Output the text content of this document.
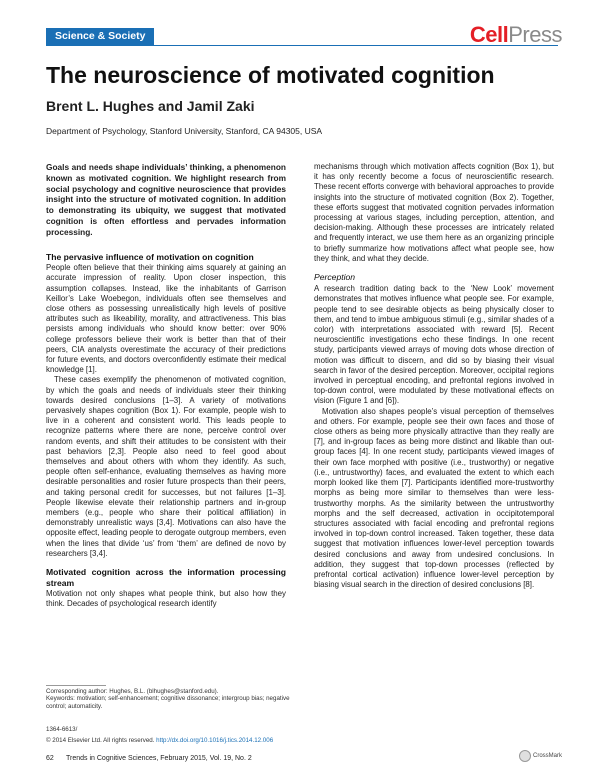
Science & Society	CellPress
The neuroscience of motivated cognition
Brent L. Hughes and Jamil Zaki
Department of Psychology, Stanford University, Stanford, CA 94305, USA

Goals and needs shape individuals’ thinking, a phenomenon known as motivated cognition. We highlight research from social psychology and cognitive neuroscience that provides insight into the structure of motivated cognition. In addition to demonstrating its ubiquity, we suggest that motivated cognition is often effortless and pervades information processing.

The pervasive influence of motivation on cognition

People often believe that their thinking aims squarely at gaining an accurate impression of reality. Upon closer inspection, this assumption collapses. Instead, like the inhabitants of Garrison Keillor’s Lake Woebegon, individuals often see themselves and close others as possessing unrealistically high levels of positive attributes such as likeability, morality, and attractiveness. This bias persists among individuals who should know better: over 90% college professors believe their work is better than that of their peers, CIA analysts overestimate the accuracy of their predictions for future events, and doctors overconfidently estimate their medical knowledge [1].

These cases exemplify the phenomenon of motivated cognition, by which the goals and needs of individuals steer their thinking towards desired conclusions [1–3]. A variety of motivations pervasively shapes cognition (Box 1). For example, people wish to live in a coherent and consistent world. This leads people to recognize patterns where there are none, perceive control over random events, and shift their attitudes to be consistent with their past behaviors [2,3]. People also need to feel good about themselves and about others with whom they identify. As such, people often self-enhance, evaluating themselves as having more desirable personalities and rosier future prospects than their peers, and taking personal credit for successes, but not failures [1–3]. People likewise elevate their relationship partners and in-group members (e.g., people who share their political affiliation) in demonstrably unrealistic ways [3,4]. Motivations can also have the opposite effect, leading people to derogate outgroup members, even when the lines that divide ‘us’ from ‘them’ are defined de novo by researchers [3,4].

Motivated cognition across the information processing stream

Motivation not only shapes what people think, but also how they think. Decades of psychological research identify

mechanisms through which motivation affects cognition (Box 1), but it has only recently become a focus of neuroscientific research. These recent efforts converge with behavioral approaches to provide insights into the structure of motivated cognition (Box 2). Together, these efforts suggest that motivated cognition pervades information processing at various stages, including perception, attention, and decision-making. Although these processes are intricately related and frequently interact, we use them here as an organizing principle to briefly summarize how motivations affect what people see, how they think, and what they decide.

Perception

A research tradition dating back to the ‘New Look’ movement demonstrates that motives influence what people see. For example, people tend to see desirable objects as being physically closer to them, and tend to imbue ambiguous stimuli (e.g., similar shades of a color) with interpretations associated with reward [5]. Recent neuroscientific investigations echo these findings. In one recent study, participants viewed arrays of moving dots whose direction of motion was difficult to discern, and did so by biasing their visual search in favor of the desired perception. Moreover, occipital regions involved in perceptual encoding, and prefrontal regions involved in top-down control, were modulated by these motivational effects on vision (Figure 1 and [6]).

Motivation also shapes people’s visual perception of themselves and others. For example, people see their own faces and those of close others as being more physically attractive than they really are [7], and in-group faces as being more distinct and likable than out-group faces [4]. In one recent study, participants viewed images of their own face morphed with positive (i.e., trustworthy) or negative (i.e., untrustworthy) faces, and evaluated the extent to which each morph looked like them [7]. Participants identified more-trustworthy morphs as being more similar to themselves than were less-trustworthy morphs. As the similarity between the untrustworthy morphs and the self decreased, activation in occipitotemporal structures associated with facial encoding and prefrontal regions involved in top-down control increased. Taken together, these data suggest that motivation influences lower-level perception towards desired conclusions and away from undesired conclusions. In addition, they suggest that top-down processes (reflected by prefrontal cortical activation) influence lower-level perception by biasing visual search in the direction of desired conclusions [8].

Corresponding author: Hughes, B.L. (blhughes@stanford.edu).
Keywords: motivation; self-enhancement; cognitive dissonance; intergroup bias; negative control; automaticity.
1364-6613/
© 2014 Elsevier Ltd. All rights reserved. http://dx.doi.org/10.1016/j.tics.2014.12.006
62 Trends in Cognitive Sciences, February 2015, Vol. 19, No. 2	CrossMark
